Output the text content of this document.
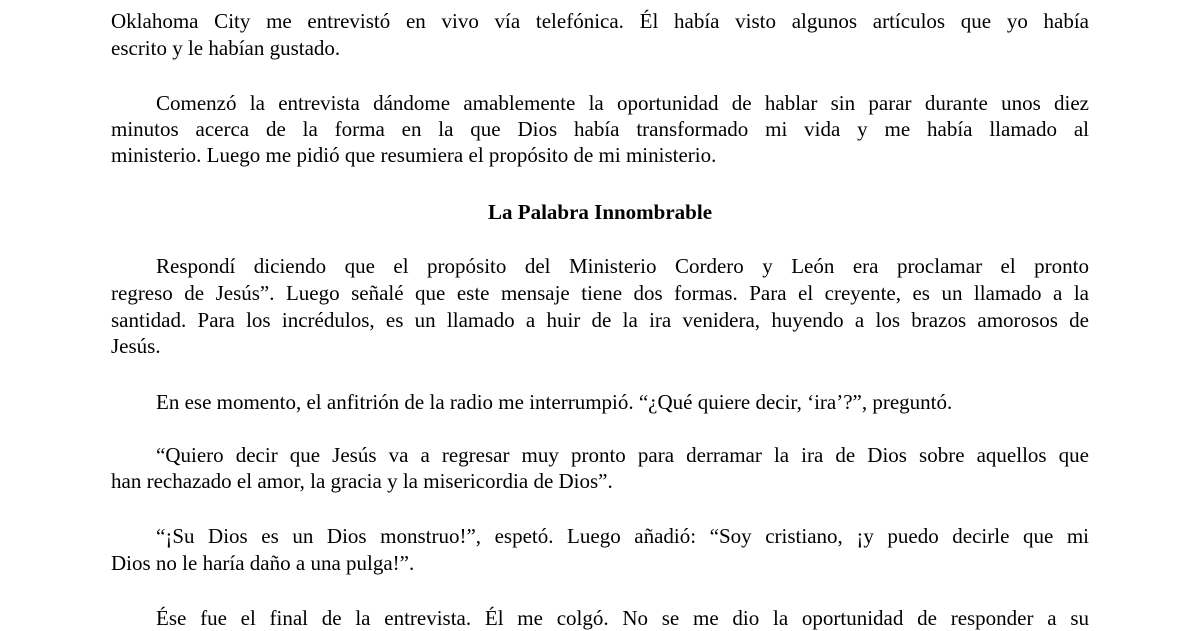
Oklahoma City me entrevistó en vivo vía telefónica. Él había visto algunos artículos que yo había
escrito y le habían gustado.
Comenzó la entrevista dándome amablemente la oportunidad de hablar sin parar durante unos diez
minutos acerca de la forma en la que Dios había transformado mi vida y me había llamado al
ministerio. Luego me pidió que resumiera el propósito de mi ministerio.
La Palabra Innombrable
Respondí diciendo que el propósito del Ministerio Cordero y León era proclamar el pronto
regreso de Jesús”. Luego señalé que este mensaje tiene dos formas. Para el creyente, es un llamado a la
santidad. Para los incrédulos, es un llamado a huir de la ira venidera, huyendo a los brazos amorosos de
Jesús.
En ese momento, el anfitrión de la radio me interrumpió. “¿Qué quiere decir, ‘ira’?”, preguntó.
“Quiero decir que Jesús va a regresar muy pronto para derramar la ira de Dios sobre aquellos que
han rechazado el amor, la gracia y la misericordia de Dios”.
“¡Su Dios es un Dios monstruo!”, espetó. Luego añadió: “Soy cristiano, ¡y puedo decirle que mi
Dios no le haría daño a una pulga!”.
Ése fue el final de la entrevista. Él me colgó. No se me dio la oportunidad de responder a su
